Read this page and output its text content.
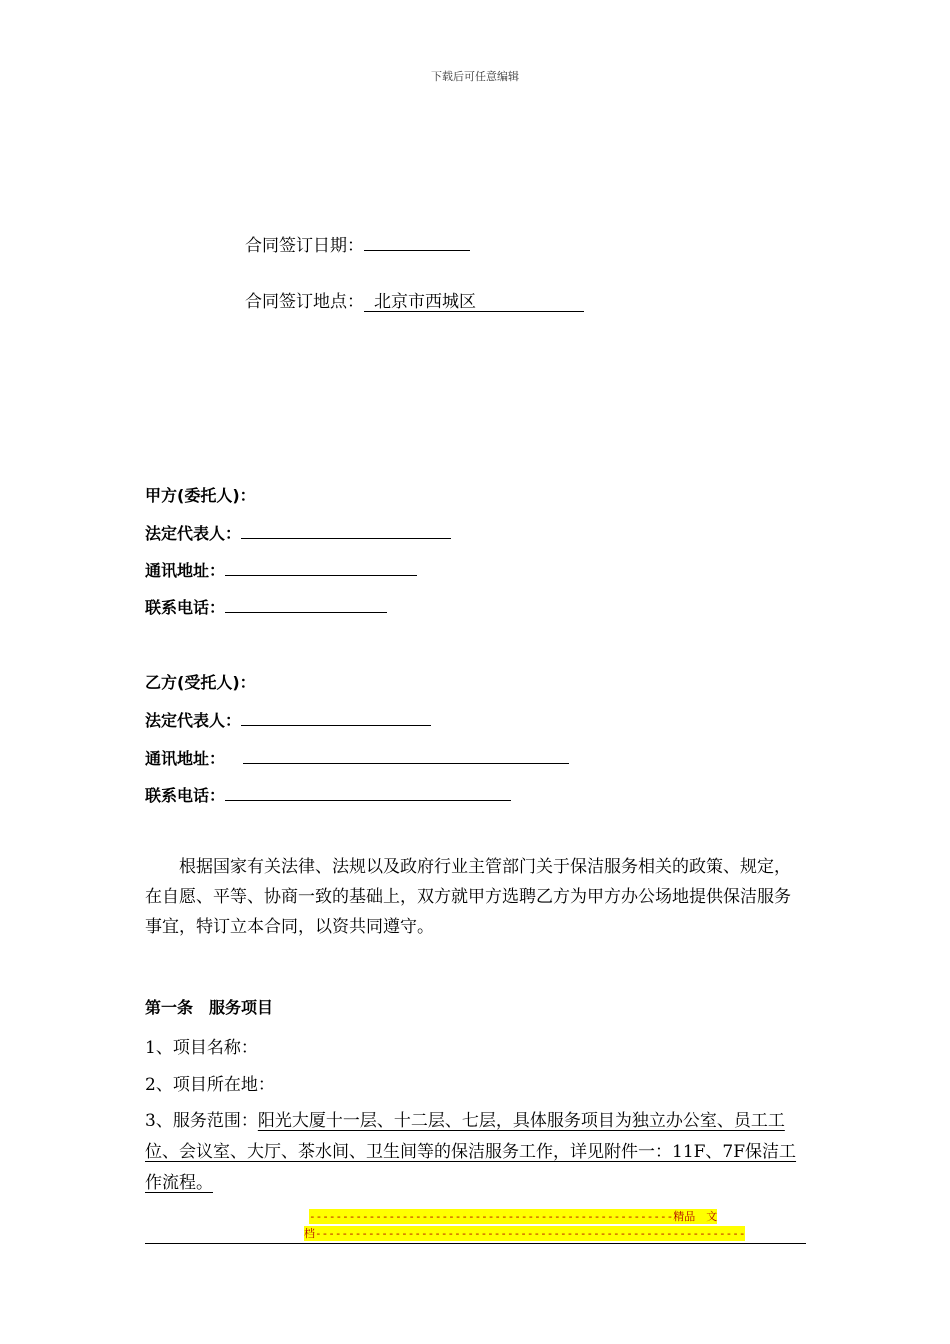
下载后可任意编辑
合同签订日期：
合同签订地点： 北京市西城区
甲方(委托人)：
法定代表人：
通讯地址：
联系电话：
乙方(受托人)：
法定代表人：
通讯地址：
联系电话：
根据国家有关法律、法规以及政府行业主管部门关于保洁服务相关的政策、规定，在自愿、平等、协商一致的基础上，双方就甲方选聘乙方为甲方办公场地提供保洁服务事宜，特订立本合同，以资共同遵守。
第一条　服务项目
1、项目名称：
2、项目所在地：
3、服务范围：阳光大厦十一层、十二层、七层，具体服务项目为独立办公室、员工工位、会议室、大厅、茶水间、卫生间等的保洁服务工作，详见附件一：11F、7F保洁工作流程。
-------------------------------------------------------精品　文
档-----------------------------------------------------------------
